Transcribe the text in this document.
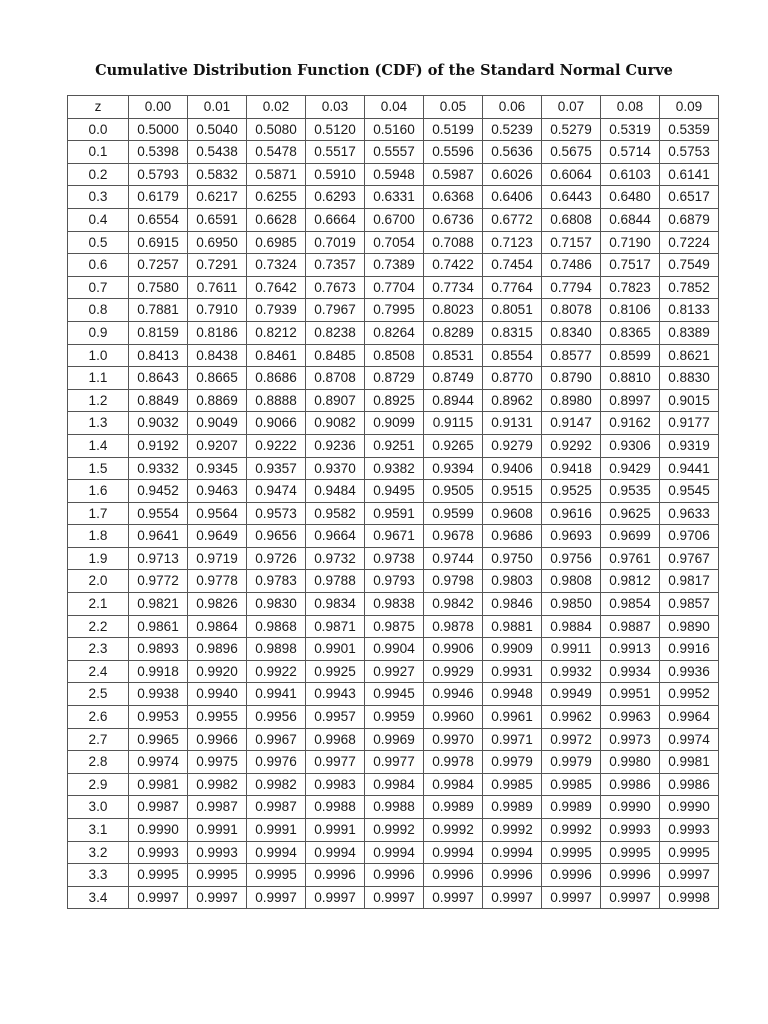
Cumulative Distribution Function (CDF) of the Standard Normal Curve
z	0.00	0.01	0.02	0.03	0.04	0.05	0.06	0.07	0.08	0.09
0.0	0.5000	0.5040	0.5080	0.5120	0.5160	0.5199	0.5239	0.5279	0.5319	0.5359
0.1	0.5398	0.5438	0.5478	0.5517	0.5557	0.5596	0.5636	0.5675	0.5714	0.5753
0.2	0.5793	0.5832	0.5871	0.5910	0.5948	0.5987	0.6026	0.6064	0.6103	0.6141
0.3	0.6179	0.6217	0.6255	0.6293	0.6331	0.6368	0.6406	0.6443	0.6480	0.6517
0.4	0.6554	0.6591	0.6628	0.6664	0.6700	0.6736	0.6772	0.6808	0.6844	0.6879
0.5	0.6915	0.6950	0.6985	0.7019	0.7054	0.7088	0.7123	0.7157	0.7190	0.7224
0.6	0.7257	0.7291	0.7324	0.7357	0.7389	0.7422	0.7454	0.7486	0.7517	0.7549
0.7	0.7580	0.7611	0.7642	0.7673	0.7704	0.7734	0.7764	0.7794	0.7823	0.7852
0.8	0.7881	0.7910	0.7939	0.7967	0.7995	0.8023	0.8051	0.8078	0.8106	0.8133
0.9	0.8159	0.8186	0.8212	0.8238	0.8264	0.8289	0.8315	0.8340	0.8365	0.8389
1.0	0.8413	0.8438	0.8461	0.8485	0.8508	0.8531	0.8554	0.8577	0.8599	0.8621
1.1	0.8643	0.8665	0.8686	0.8708	0.8729	0.8749	0.8770	0.8790	0.8810	0.8830
1.2	0.8849	0.8869	0.8888	0.8907	0.8925	0.8944	0.8962	0.8980	0.8997	0.9015
1.3	0.9032	0.9049	0.9066	0.9082	0.9099	0.9115	0.9131	0.9147	0.9162	0.9177
1.4	0.9192	0.9207	0.9222	0.9236	0.9251	0.9265	0.9279	0.9292	0.9306	0.9319
1.5	0.9332	0.9345	0.9357	0.9370	0.9382	0.9394	0.9406	0.9418	0.9429	0.9441
1.6	0.9452	0.9463	0.9474	0.9484	0.9495	0.9505	0.9515	0.9525	0.9535	0.9545
1.7	0.9554	0.9564	0.9573	0.9582	0.9591	0.9599	0.9608	0.9616	0.9625	0.9633
1.8	0.9641	0.9649	0.9656	0.9664	0.9671	0.9678	0.9686	0.9693	0.9699	0.9706
1.9	0.9713	0.9719	0.9726	0.9732	0.9738	0.9744	0.9750	0.9756	0.9761	0.9767
2.0	0.9772	0.9778	0.9783	0.9788	0.9793	0.9798	0.9803	0.9808	0.9812	0.9817
2.1	0.9821	0.9826	0.9830	0.9834	0.9838	0.9842	0.9846	0.9850	0.9854	0.9857
2.2	0.9861	0.9864	0.9868	0.9871	0.9875	0.9878	0.9881	0.9884	0.9887	0.9890
2.3	0.9893	0.9896	0.9898	0.9901	0.9904	0.9906	0.9909	0.9911	0.9913	0.9916
2.4	0.9918	0.9920	0.9922	0.9925	0.9927	0.9929	0.9931	0.9932	0.9934	0.9936
2.5	0.9938	0.9940	0.9941	0.9943	0.9945	0.9946	0.9948	0.9949	0.9951	0.9952
2.6	0.9953	0.9955	0.9956	0.9957	0.9959	0.9960	0.9961	0.9962	0.9963	0.9964
2.7	0.9965	0.9966	0.9967	0.9968	0.9969	0.9970	0.9971	0.9972	0.9973	0.9974
2.8	0.9974	0.9975	0.9976	0.9977	0.9977	0.9978	0.9979	0.9979	0.9980	0.9981
2.9	0.9981	0.9982	0.9982	0.9983	0.9984	0.9984	0.9985	0.9985	0.9986	0.9986
3.0	0.9987	0.9987	0.9987	0.9988	0.9988	0.9989	0.9989	0.9989	0.9990	0.9990
3.1	0.9990	0.9991	0.9991	0.9991	0.9992	0.9992	0.9992	0.9992	0.9993	0.9993
3.2	0.9993	0.9993	0.9994	0.9994	0.9994	0.9994	0.9994	0.9995	0.9995	0.9995
3.3	0.9995	0.9995	0.9995	0.9996	0.9996	0.9996	0.9996	0.9996	0.9996	0.9997
3.4	0.9997	0.9997	0.9997	0.9997	0.9997	0.9997	0.9997	0.9997	0.9997	0.9998
